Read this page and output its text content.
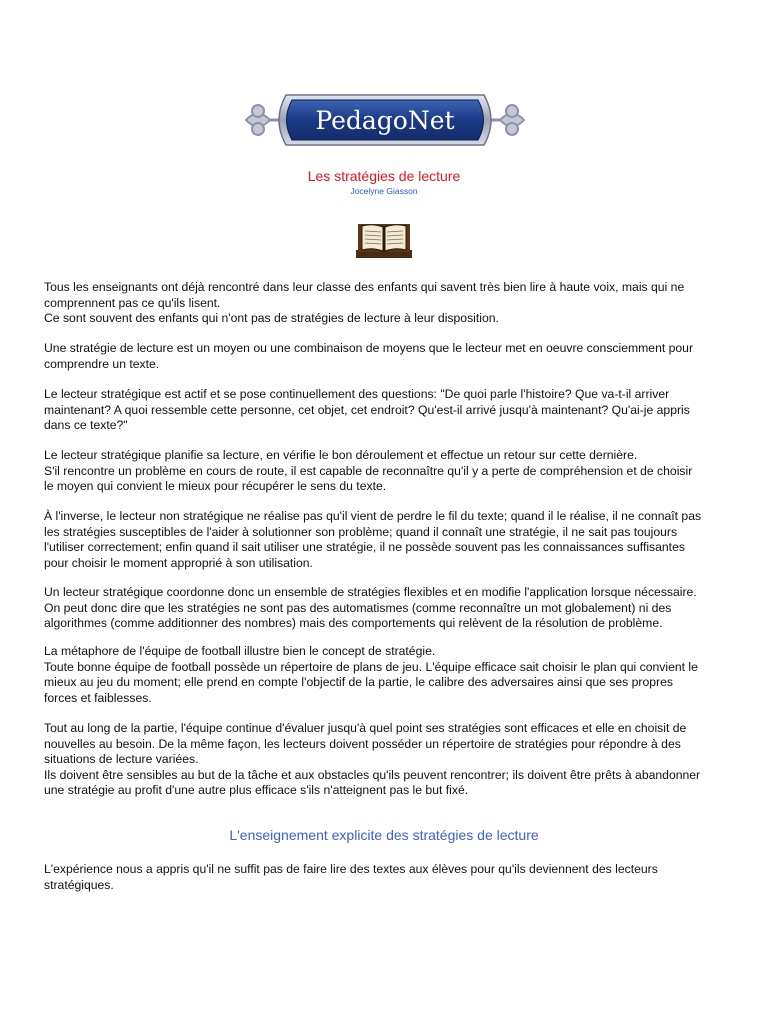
PedagoNet
Les stratégies de lecture
Jocelyne Giasson

Tous les enseignants ont déjà rencontré dans leur classe des enfants qui savent très bien lire à haute voix, mais qui ne
comprennent pas ce qu'ils lisent.
Ce sont souvent des enfants qui n'ont pas de stratégies de lecture à leur disposition.

Une stratégie de lecture est un moyen ou une combinaison de moyens que le lecteur met en oeuvre consciemment pour
comprendre un texte.

Le lecteur stratégique est actif et se pose continuellement des questions: "De quoi parle l'histoire? Que va-t-il arriver
maintenant? A quoi ressemble cette personne, cet objet, cet endroit? Qu'est-il arrivé jusqu'à maintenant? Qu'ai-je appris
dans ce texte?"

Le lecteur stratégique planifie sa lecture, en vérifie le bon déroulement et effectue un retour sur cette dernière.
S'il rencontre un problème en cours de route, il est capable de reconnaître qu'il y a perte de compréhension et de choisir
le moyen qui convient le mieux pour récupérer le sens du texte.

À l'inverse, le lecteur non stratégique ne réalise pas qu'il vient de perdre le fil du texte; quand il le réalise, il ne connaît pas
les stratégies susceptibles de l'aider à solutionner son problème; quand il connaît une stratégie, il ne sait pas toujours
l'utiliser correctement; enfin quand il sait utiliser une stratégie, il ne possède souvent pas les connaissances suffisantes
pour choisir le moment approprié à son utilisation.

Un lecteur stratégique coordonne donc un ensemble de stratégies flexibles et en modifie l'application lorsque nécessaire.
On peut donc dire que les stratégies ne sont pas des automatismes (comme reconnaître un mot globalement) ni des
algorithmes (comme additionner des nombres) mais des comportements qui relèvent de la résolution de problème.

La métaphore de l'équipe de football illustre bien le concept de stratégie.
Toute bonne équipe de football possède un répertoire de plans de jeu. L'équipe efficace sait choisir le plan qui convient le
mieux au jeu du moment; elle prend en compte l'objectif de la partie, le calibre des adversaires ainsi que ses propres
forces et faiblesses.

Tout au long de la partie, l'équipe continue d'évaluer jusqu'à quel point ses stratégies sont efficaces et elle en choisit de
nouvelles au besoin. De la même façon, les lecteurs doivent posséder un répertoire de stratégies pour répondre à des
situations de lecture variées.
Ils doivent être sensibles au but de la tâche et aux obstacles qu'ils peuvent rencontrer; ils doivent être prêts à abandonner
une stratégie au profit d'une autre plus efficace s'ils n'atteignent pas le but fixé.

L'enseignement explicite des stratégies de lecture

L'expérience nous a appris qu'il ne suffit pas de faire lire des textes aux élèves pour qu'ils deviennent des lecteurs
stratégiques.
